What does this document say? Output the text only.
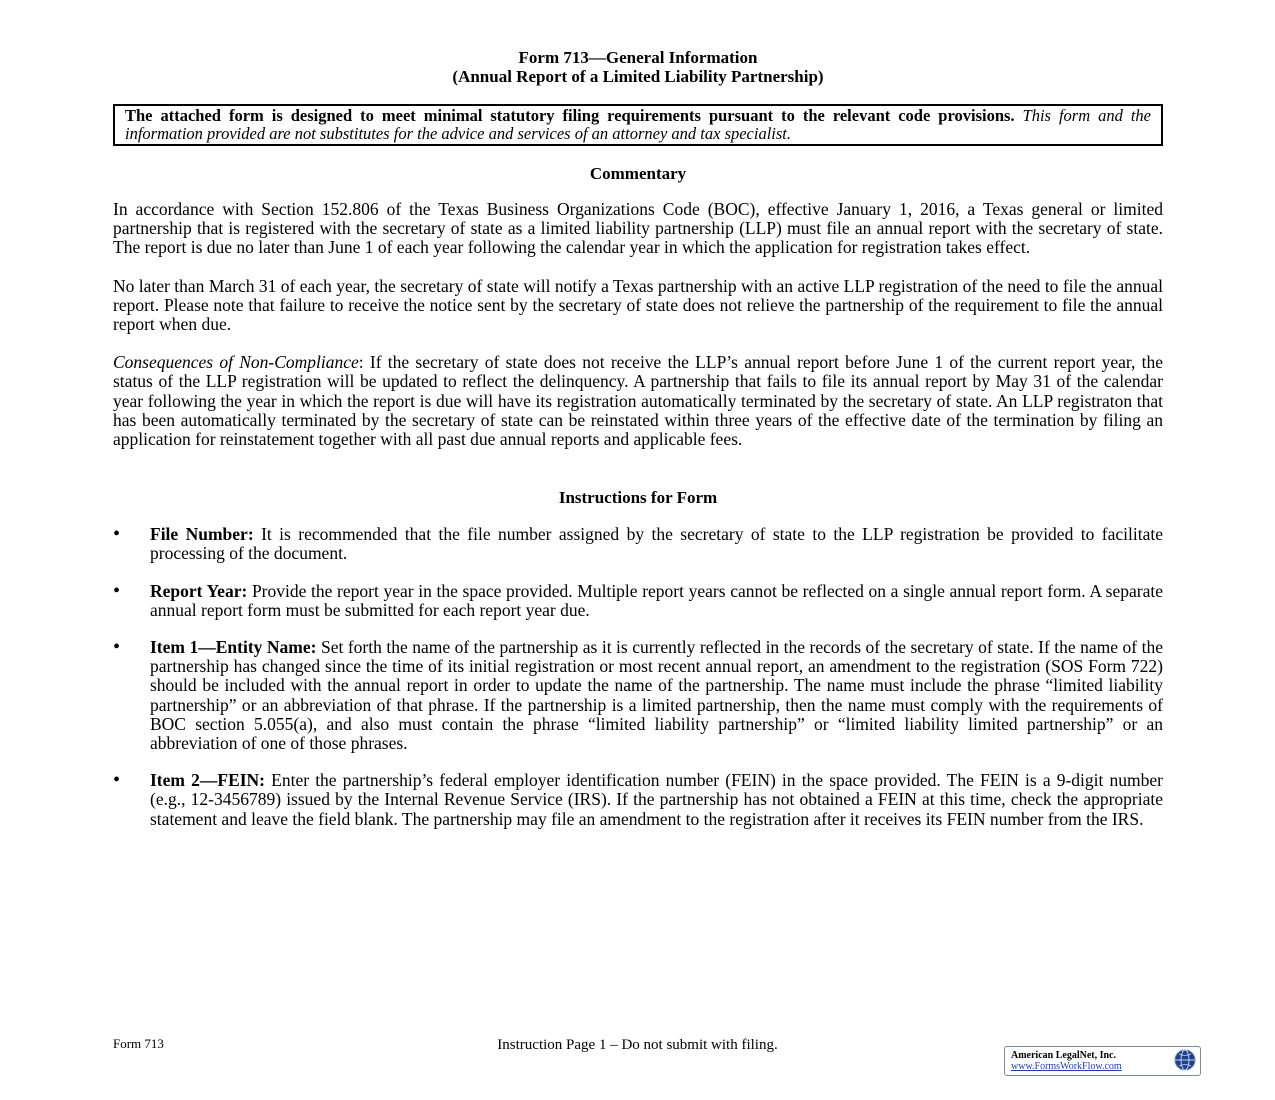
Form 713—General Information
(Annual Report of a Limited Liability Partnership)
The attached form is designed to meet minimal statutory filing requirements pursuant to the relevant code provisions. This form and the information provided are not substitutes for the advice and services of an attorney and tax specialist.
Commentary

In accordance with Section 152.806 of the Texas Business Organizations Code (BOC), effective January 1, 2016, a Texas general or limited partnership that is registered with the secretary of state as a limited liability partnership (LLP) must file an annual report with the secretary of state. The report is due no later than June 1 of each year following the calendar year in which the application for registration takes effect.

No later than March 31 of each year, the secretary of state will notify a Texas partnership with an active LLP registration of the need to file the annual report. Please note that failure to receive the notice sent by the secretary of state does not relieve the partnership of the requirement to file the annual report when due.

Consequences of Non-Compliance: If the secretary of state does not receive the LLP’s annual report before June 1 of the current report year, the status of the LLP registration will be updated to reflect the delinquency. A partnership that fails to file its annual report by May 31 of the calendar year following the year in which the report is due will have its registration automatically terminated by the secretary of state. An LLP registraton that has been automatically terminated by the secretary of state can be reinstated within three years of the effective date of the termination by filing an application for reinstatement together with all past due annual reports and applicable fees.

Instructions for Form
• File Number: It is recommended that the file number assigned by the secretary of state to the LLP registration be provided to facilitate processing of the document.
• Report Year: Provide the report year in the space provided. Multiple report years cannot be reflected on a single annual report form. A separate annual report form must be submitted for each report year due.
• Item 1—Entity Name: Set forth the name of the partnership as it is currently reflected in the records of the secretary of state. If the name of the partnership has changed since the time of its initial registration or most recent annual report, an amendment to the registration (SOS Form 722) should be included with the annual report in order to update the name of the partnership. The name must include the phrase “limited liability partnership” or an abbreviation of that phrase. If the partnership is a limited partnership, then the name must comply with the requirements of BOC section 5.055(a), and also must contain the phrase “limited liability partnership” or “limited liability limited partnership” or an abbreviation of one of those phrases.
• Item 2—FEIN: Enter the partnership’s federal employer identification number (FEIN) in the space provided. The FEIN is a 9-digit number (e.g., 12-3456789) issued by the Internal Revenue Service (IRS). If the partnership has not obtained a FEIN at this time, check the appropriate statement and leave the field blank. The partnership may file an amendment to the registration after it receives its FEIN number from the IRS.
Form 713	Instruction Page 1 – Do not submit with filing.
American LegalNet, Inc.
www.FormsWorkFlow.com
